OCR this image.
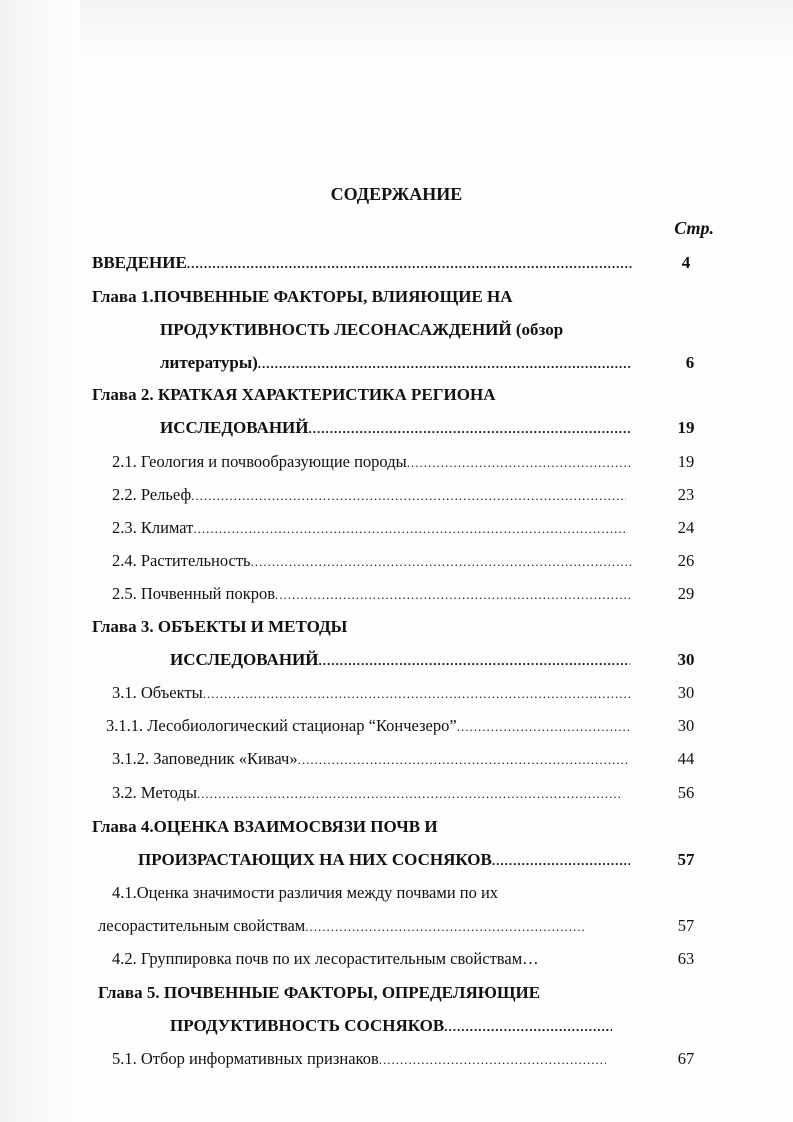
СОДЕРЖАНИЕ
Стр.
ВВЕДЕНИЕ .....	4
Глава 1.ПОЧВЕННЫЕ ФАКТОРЫ, ВЛИЯЮЩИЕ НА
ПРОДУКТИВНОСТЬ ЛЕСОНАСАЖДЕНИЙ (обзор
литературы) .....	6
Глава 2. КРАТКАЯ ХАРАКТЕРИСТИКА РЕГИОНА
ИССЛЕДОВАНИЙ .....	19
2.1. Геология и почвообразующие породы .....	19
2.2. Рельеф .....	23
2.3. Климат .....	24
2.4. Растительность .....	26
2.5. Почвенный покров .....	29
Глава 3. ОБЪЕКТЫ И МЕТОДЫ
ИССЛЕДОВАНИЙ .....	30
3.1. Объекты .....	30
3.1.1. Лесобиологический стационар “Кончезеро” .....	30
3.1.2. Заповедник «Кивач» .....	44
3.2. Методы .....	56
Глава 4.ОЦЕНКА ВЗАИМОСВЯЗИ ПОЧВ И
ПРОИЗРАСТАЮЩИХ НА НИХ СОСНЯКОВ .....	57
4.1.Оценка значимости различия между почвами по их
лесорастительным свойствам .....	57
4.2. Группировка почв по их лесорастительным свойствам…	63
Глава 5. ПОЧВЕННЫЕ ФАКТОРЫ, ОПРЕДЕЛЯЮЩИЕ
ПРОДУКТИВНОСТЬ СОСНЯКОВ
.....
5.1. Отбор информативных признаков .....	67
